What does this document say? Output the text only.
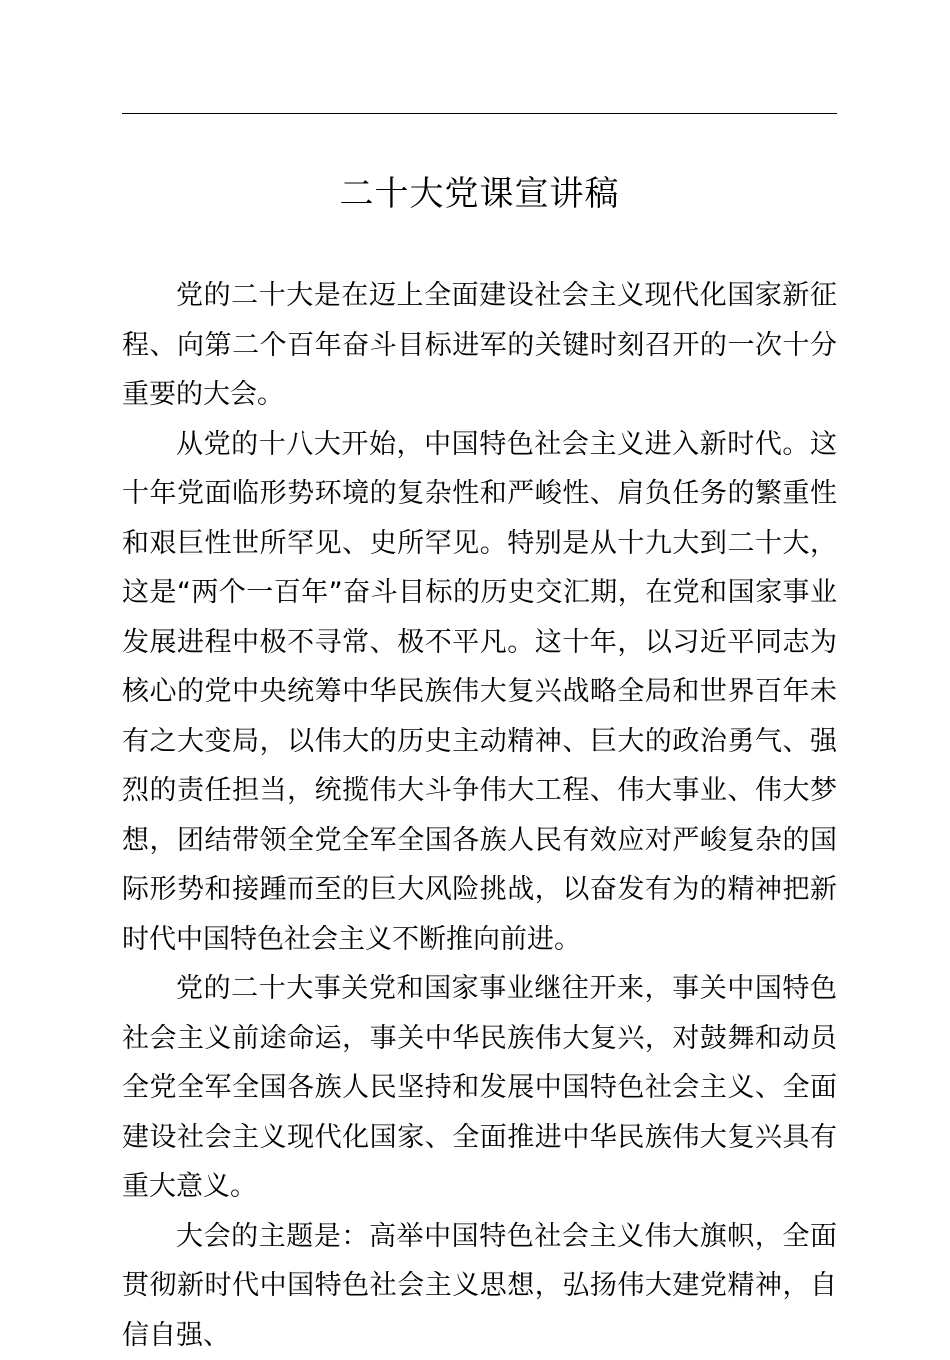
二十大党课宣讲稿

党的二十大是在迈上全面建设社会主义现代化国家新征程、向第二个百年奋斗目标进军的关键时刻召开的一次十分重要的大会。

从党的十八大开始，中国特色社会主义进入新时代。这十年党面临形势环境的复杂性和严峻性、肩负任务的繁重性和艰巨性世所罕见、史所罕见。特别是从十九大到二十大，这是“两个一百年”奋斗目标的历史交汇期，在党和国家事业发展进程中极不寻常、极不平凡。这十年，以习近平同志为核心的党中央统筹中华民族伟大复兴战略全局和世界百年未有之大变局，以伟大的历史主动精神、巨大的政治勇气、强烈的责任担当，统揽伟大斗争伟大工程、伟大事业、伟大梦想，团结带领全党全军全国各族人民有效应对严峻复杂的国际形势和接踵而至的巨大风险挑战，以奋发有为的精神把新时代中国特色社会主义不断推向前进。

党的二十大事关党和国家事业继往开来，事关中国特色社会主义前途命运，事关中华民族伟大复兴，对鼓舞和动员全党全军全国各族人民坚持和发展中国特色社会主义、全面建设社会主义现代化国家、全面推进中华民族伟大复兴具有重大意义。

大会的主题是：高举中国特色社会主义伟大旗帜，全面贯彻新时代中国特色社会主义思想，弘扬伟大建党精神，自信自强、
